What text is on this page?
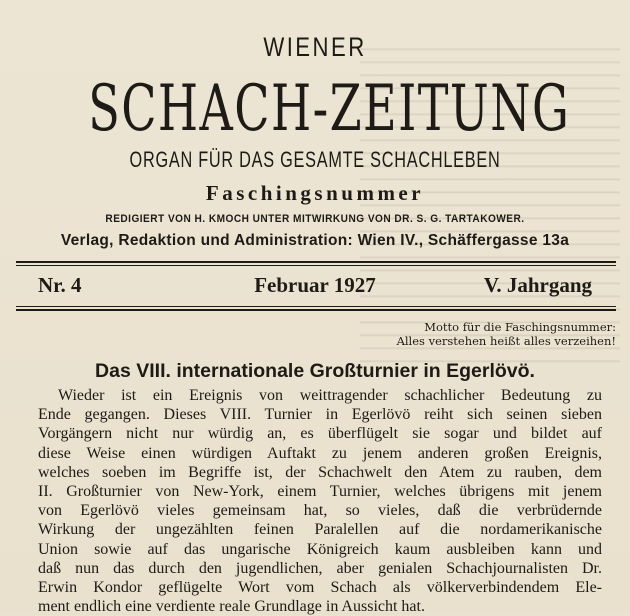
WIENER
SCHACH-ZEITUNG
ORGAN FÜR DAS GESAMTE SCHACHLEBEN
Faschingsnummer
REDIGIERT VON H. KMOCH UNTER MITWIRKUNG VON DR. S. G. TARTAKOWER.
Verlag, Redaktion und Administration: Wien IV., Schäffergasse 13a
Nr. 4	Februar 1927	V. Jahrgang
Motto für die Faschingsnummer:
Alles verstehen heißt alles verzeihen!
Das VIII. internationale Großturnier in Egerlövö.
Wieder ist ein Ereignis von weittragender schachlicher Bedeutung zu
Ende gegangen. Dieses VIII. Turnier in Egerlövö reiht sich seinen sieben
Vorgängern nicht nur würdig an, es überflügelt sie sogar und bildet auf
diese Weise einen würdigen Auftakt zu jenem anderen großen Ereignis,
welches soeben im Begriffe ist, der Schachwelt den Atem zu rauben, dem
II. Großturnier von New-York, einem Turnier, welches übrigens mit jenem
von Egerlövö vieles gemeinsam hat, so vieles, daß die verbrüdernde
Wirkung der ungezählten feinen Paralellen auf die nordamerikanische
Union sowie auf das ungarische Königreich kaum ausbleiben kann und
daß nun das durch den jugendlichen, aber genialen Schachjournalisten Dr.
Erwin Kondor geflügelte Wort vom Schach als völkerverbindendem Ele-
ment endlich eine verdiente reale Grundlage in Aussicht hat.
